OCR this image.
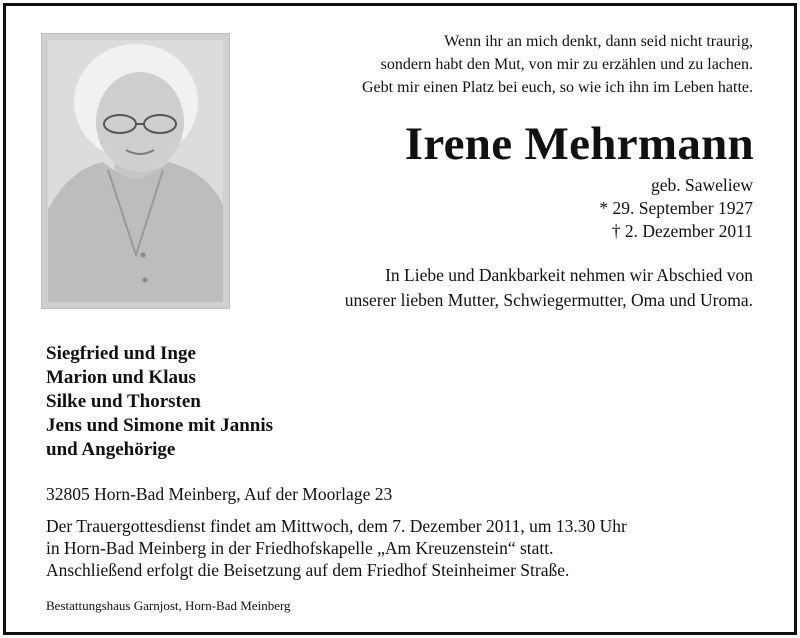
Wenn ihr an mich denkt, dann seid nicht traurig,
sondern habt den Mut, von mir zu erzählen und zu lachen.
Gebt mir einen Platz bei euch, so wie ich ihn im Leben hatte.
Irene Mehrmann
geb. Saweliew
* 29. September 1927
† 2. Dezember 2011
In Liebe und Dankbarkeit nehmen wir Abschied von
unserer lieben Mutter, Schwiegermutter, Oma und Uroma.
Siegfried und Inge
Marion und Klaus
Silke und Thorsten
Jens und Simone mit Jannis
und Angehörige
32805 Horn-Bad Meinberg, Auf der Moorlage 23
Der Trauergottesdienst findet am Mittwoch, dem 7. Dezember 2011, um 13.30 Uhr
in Horn-Bad Meinberg in der Friedhofskapelle „Am Kreuzenstein“ statt.
Anschließend erfolgt die Beisetzung auf dem Friedhof Steinheimer Straße.
Bestattungshaus Garnjost, Horn-Bad Meinberg
